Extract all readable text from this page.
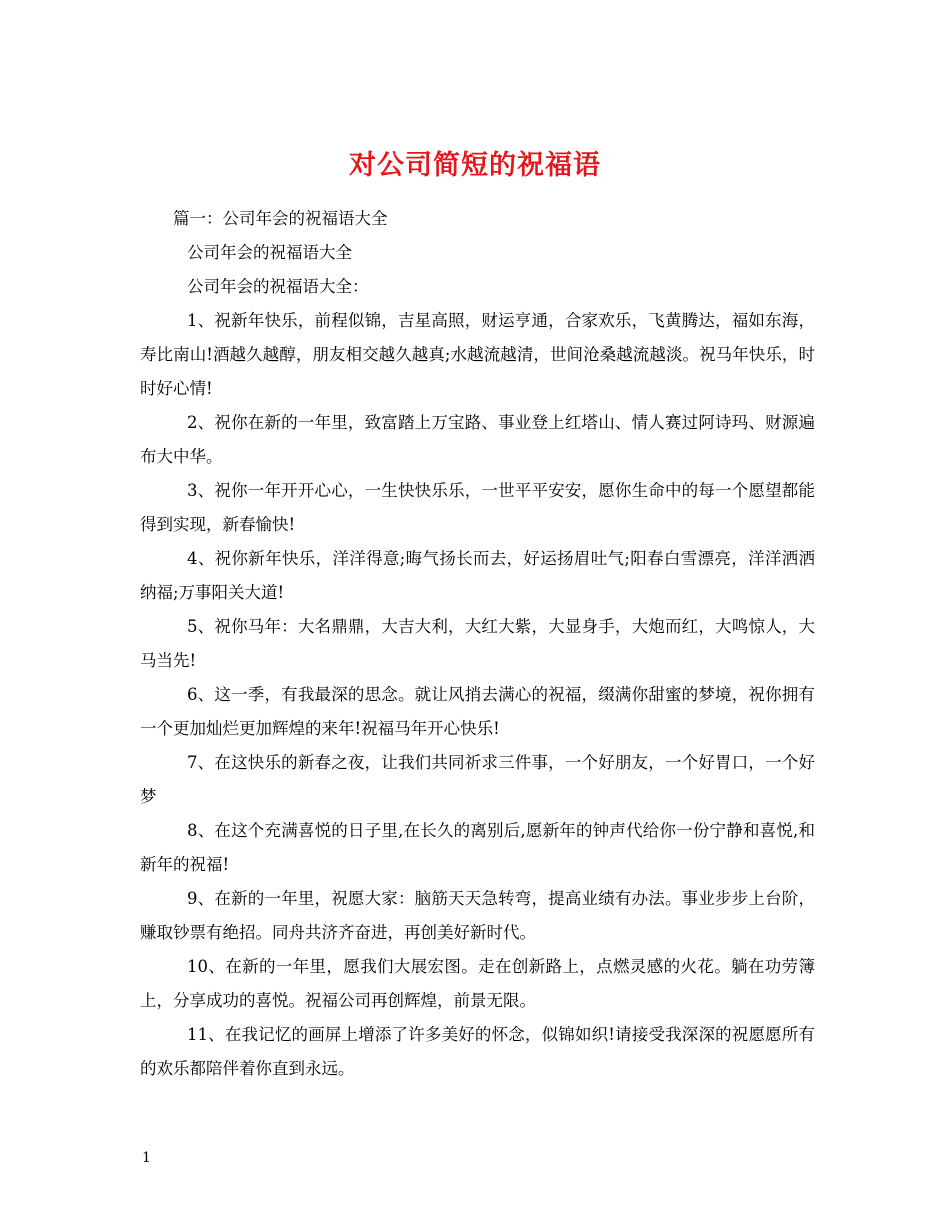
对公司简短的祝福语

篇一：公司年会的祝福语大全

公司年会的祝福语大全

公司年会的祝福语大全：

1、祝新年快乐，前程似锦，吉星高照，财运亨通，合家欢乐，飞黄腾达，福如东海，寿比南山!酒越久越醇，朋友相交越久越真;水越流越清，世间沧桑越流越淡。祝马年快乐，时时好心情!

2、祝你在新的一年里，致富踏上万宝路、事业登上红塔山、情人赛过阿诗玛、财源遍布大中华。

3、祝你一年开开心心，一生快快乐乐，一世平平安安，愿你生命中的每一个愿望都能得到实现，新春愉快!

4、祝你新年快乐，洋洋得意;晦气扬长而去，好运扬眉吐气;阳春白雪漂亮，洋洋洒洒纳福;万事阳关大道!

5、祝你马年：大名鼎鼎，大吉大利，大红大紫，大显身手，大炮而红，大鸣惊人，大马当先!

6、这一季，有我最深的思念。就让风捎去满心的祝福，缀满你甜蜜的梦境，祝你拥有一个更加灿烂更加辉煌的来年!祝福马年开心快乐!

7、在这快乐的新春之夜，让我们共同祈求三件事，一个好朋友，一个好胃口，一个好梦

8、在这个充满喜悦的日子里,在长久的离别后,愿新年的钟声代给你一份宁静和喜悦,和新年的祝福!

9、在新的一年里，祝愿大家：脑筋天天急转弯，提高业绩有办法。事业步步上台阶，赚取钞票有绝招。同舟共济齐奋进，再创美好新时代。

10、在新的一年里，愿我们大展宏图。走在创新路上，点燃灵感的火花。躺在功劳簿上，分享成功的喜悦。祝福公司再创辉煌，前景无限。

11、在我记忆的画屏上增添了许多美好的怀念，似锦如织!请接受我深深的祝愿愿所有的欢乐都陪伴着你直到永远。

1
